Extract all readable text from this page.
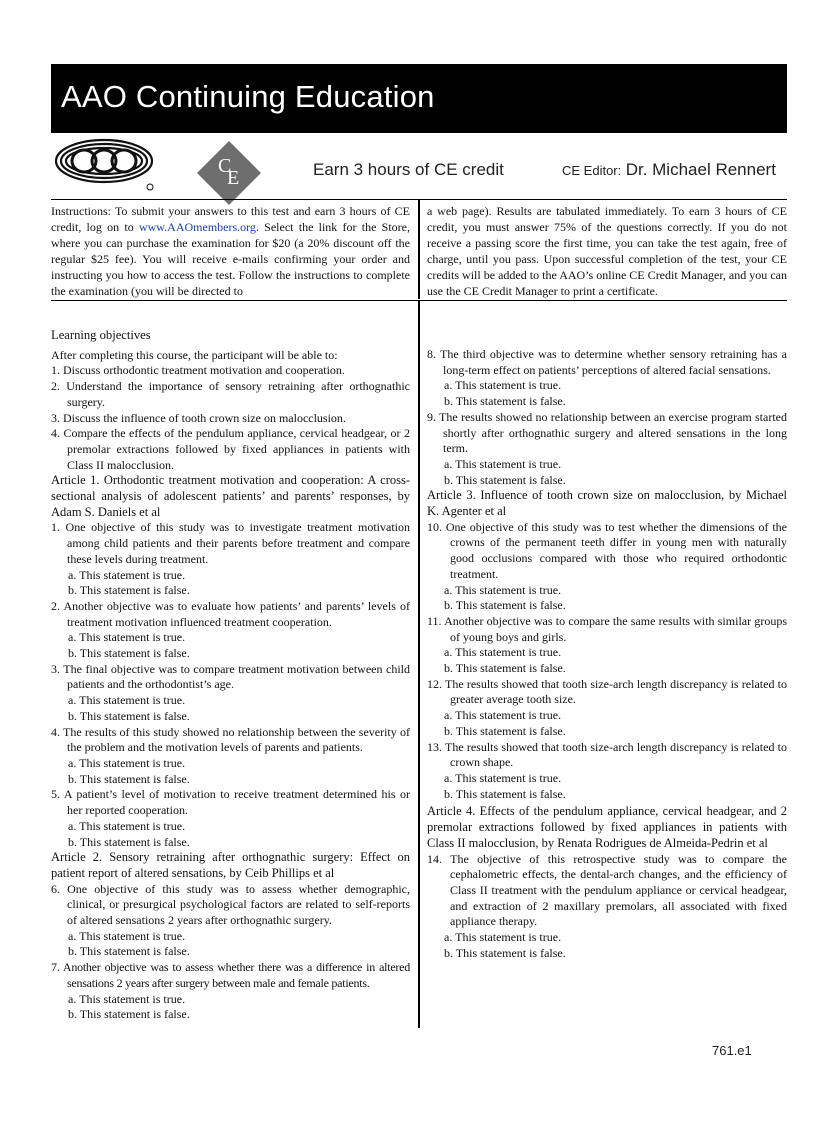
AAO Continuing Education
C
E	Earn 3 hours of CE credit	CE Editor: Dr. Michael Rennert
Instructions: To submit your answers to this test and earn 3 hours of CE credit, log on to www.AAOmembers.org. Select the link for the Store, where you can purchase the examination for $20 (a 20% discount off the regular $25 fee). You will receive e-mails confirming your order and instructing you how to access the test. Follow the instructions to complete the examination (you will be directed to
a web page). Results are tabulated immediately. To earn 3 hours of CE credit, you must answer 75% of the questions correctly. If you do not receive a passing score the first time, you can take the test again, free of charge, until you pass. Upon successful completion of the test, your CE credits will be added to the AAO’s online CE Credit Manager, and you can use the CE Credit Manager to print a certificate.

Learning objectives

After completing this course, the participant will be able to:

1. Discuss orthodontic treatment motivation and cooperation.

2. Understand the importance of sensory retraining after orthognathic surgery.

3. Discuss the influence of tooth crown size on malocclusion.

4. Compare the effects of the pendulum appliance, cervical headgear, or 2 premolar extractions followed by fixed appliances in patients with Class II malocclusion.

Article 1. Orthodontic treatment motivation and cooperation: A cross-sectional analysis of adolescent patients’ and parents’ responses, by Adam S. Daniels et al

1. One objective of this study was to investigate treatment motivation among child patients and their parents before treatment and compare these levels during treatment.

a. This statement is true.

b. This statement is false.

2. Another objective was to evaluate how patients’ and parents’ levels of treatment motivation influenced treatment cooperation.

a. This statement is true.

b. This statement is false.

3. The final objective was to compare treatment motivation between child patients and the orthodontist’s age.

a. This statement is true.

b. This statement is false.

4. The results of this study showed no relationship between the severity of the problem and the motivation levels of parents and patients.

a. This statement is true.

b. This statement is false.

5. A patient’s level of motivation to receive treatment determined his or her reported cooperation.

a. This statement is true.

b. This statement is false.

Article 2. Sensory retraining after orthognathic surgery: Effect on patient report of altered sensations, by Ceib Phillips et al

6. One objective of this study was to assess whether demographic, clinical, or presurgical psychological factors are related to self-reports of altered sensations 2 years after orthognathic surgery.

a. This statement is true.

b. This statement is false.

7. Another objective was to assess whether there was a difference in altered sensations 2 years after surgery between male and female patients.

a. This statement is true.

b. This statement is false.

8. The third objective was to determine whether sensory retraining has a long-term effect on patients’ perceptions of altered facial sensations.

a. This statement is true.

b. This statement is false.

9. The results showed no relationship between an exercise program started shortly after orthognathic surgery and altered sensations in the long term.

a. This statement is true.

b. This statement is false.

Article 3. Influence of tooth crown size on malocclusion, by Michael K. Agenter et al

10. One objective of this study was to test whether the dimensions of the crowns of the permanent teeth differ in young men with naturally good occlusions compared with those who required orthodontic treatment.

a. This statement is true.

b. This statement is false.

11. Another objective was to compare the same results with similar groups of young boys and girls.

a. This statement is true.

b. This statement is false.

12. The results showed that tooth size-arch length discrepancy is related to greater average tooth size.

a. This statement is true.

b. This statement is false.

13. The results showed that tooth size-arch length discrepancy is related to crown shape.

a. This statement is true.

b. This statement is false.

Article 4. Effects of the pendulum appliance, cervical headgear, and 2 premolar extractions followed by fixed appliances in patients with Class II malocclusion, by Renata Rodrigues de Almeida-Pedrin et al

14. The objective of this retrospective study was to compare the cephalometric effects, the dental-arch changes, and the efficiency of Class II treatment with the pendulum appliance or cervical headgear, and extraction of 2 maxillary premolars, all associated with fixed appliance therapy.

a. This statement is true.

b. This statement is false.

761.e1
